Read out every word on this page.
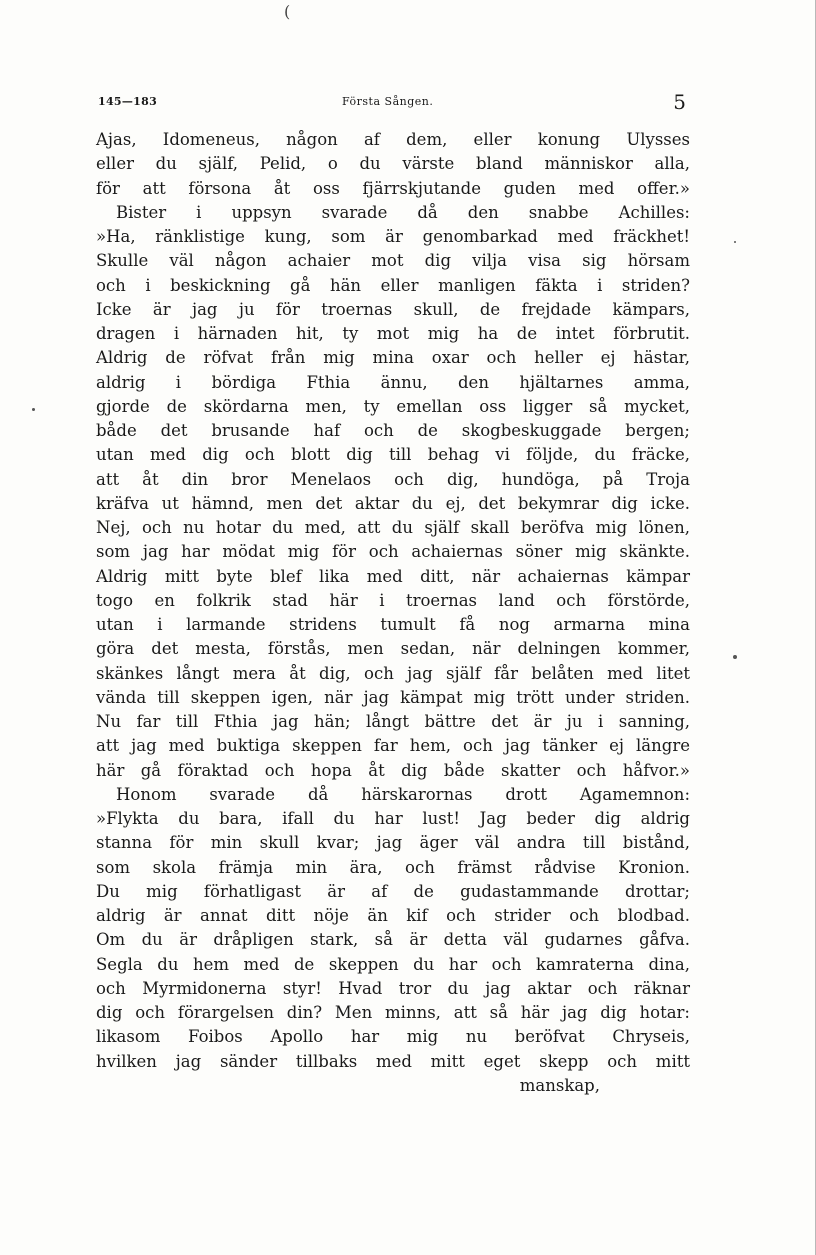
(
145—183	Första Sången.	5
Ajas, Idomeneus, någon af dem, eller konung Ulysses
eller du själf, Pelid, o du värste bland människor alla,
för att försona åt oss fjärrskjutande guden med offer.»
Bister i uppsyn svarade då den snabbe Achilles:
»Ha, ränklistige kung, som är genombarkad med fräckhet!
Skulle väl någon achaier mot dig vilja visa sig hörsam
och i beskickning gå hän eller manligen fäkta i striden?
Icke är jag ju för troernas skull, de frejdade kämpars,
dragen i härnaden hit, ty mot mig ha de intet förbrutit.
Aldrig de röfvat från mig mina oxar och heller ej hästar,
aldrig i bördiga Fthia ännu, den hjältarnes amma,
gjorde de skördarna men, ty emellan oss ligger så mycket,
både det brusande haf och de skogbeskuggade bergen;
utan med dig och blott dig till behag vi följde, du fräcke,
att åt din bror Menelaos och dig, hundöga, på Troja
kräfva ut hämnd, men det aktar du ej, det bekymrar dig icke.
Nej, och nu hotar du med, att du själf skall beröfva mig lönen,
som jag har mödat mig för och achaiernas söner mig skänkte.
Aldrig mitt byte blef lika med ditt, när achaiernas kämpar
togo en folkrik stad här i troernas land och förstörde,
utan i larmande stridens tumult få nog armarna mina
göra det mesta, förstås, men sedan, när delningen kommer,
skänkes långt mera åt dig, och jag själf får belåten med litet
vända till skeppen igen, när jag kämpat mig trött under striden.
Nu far till Fthia jag hän; långt bättre det är ju i sanning,
att jag med buktiga skeppen far hem, och jag tänker ej längre
här gå föraktad och hopa åt dig både skatter och håfvor.»
Honom svarade då härskarornas drott Agamemnon:
»Flykta du bara, ifall du har lust! Jag beder dig aldrig
stanna för min skull kvar; jag äger väl andra till bistånd,
som skola främja min ära, och främst rådvise Kronion.
Du mig förhatligast är af de gudastammande drottar;
aldrig är annat ditt nöje än kif och strider och blodbad.
Om du är dråpligen stark, så är detta väl gudarnes gåfva.
Segla du hem med de skeppen du har och kamraterna dina,
och Myrmidonerna styr! Hvad tror du jag aktar och räknar
dig och förargelsen din? Men minns, att så här jag dig hotar:
likasom Foibos Apollo har mig nu beröfvat Chryseis,
hvilken jag sänder tillbaks med mitt eget skepp och mitt
manskap,
